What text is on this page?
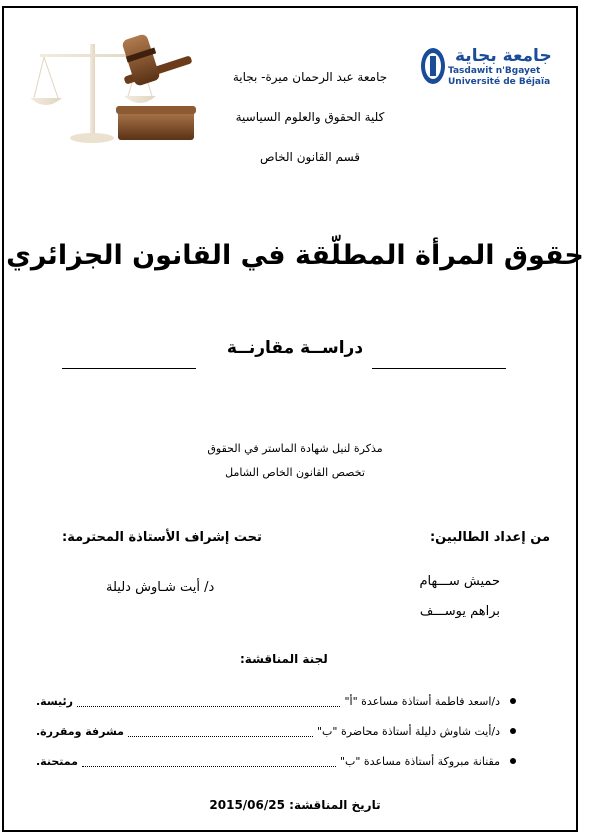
جامعة بجاية
Tasdawit n'Bgayet
Université de Béjaïa
جامعة عبد الرحمان ميرة- بجاية
كلية الحقوق والعلوم السياسية
قسم القانون الخاص
حقوق المرأة المطلّقة في القانون الجزائري
دراســة مقارنــة
مذكرة لنيل شهادة الماستر في الحقوق
تخصص القانون الخاص الشامل
من إعداد الطالبين:
حميش ســـهام
براهم يوســـف
تحت إشراف الأستاذة المحترمة:
د/ أيت شـاوش دليلة
لجنة المناقشة:
د/اسعد فاطمة أستاذة مساعدة "أ"
رئيسة.
د/أيت شاوش دليلة أستاذة محاضرة "ب"
مشرفة ومقررة.
مقنانة مبروكة أستاذة مساعدة "ب"
ممتحنة.
2015/06/25 تاريخ المناقشة:
